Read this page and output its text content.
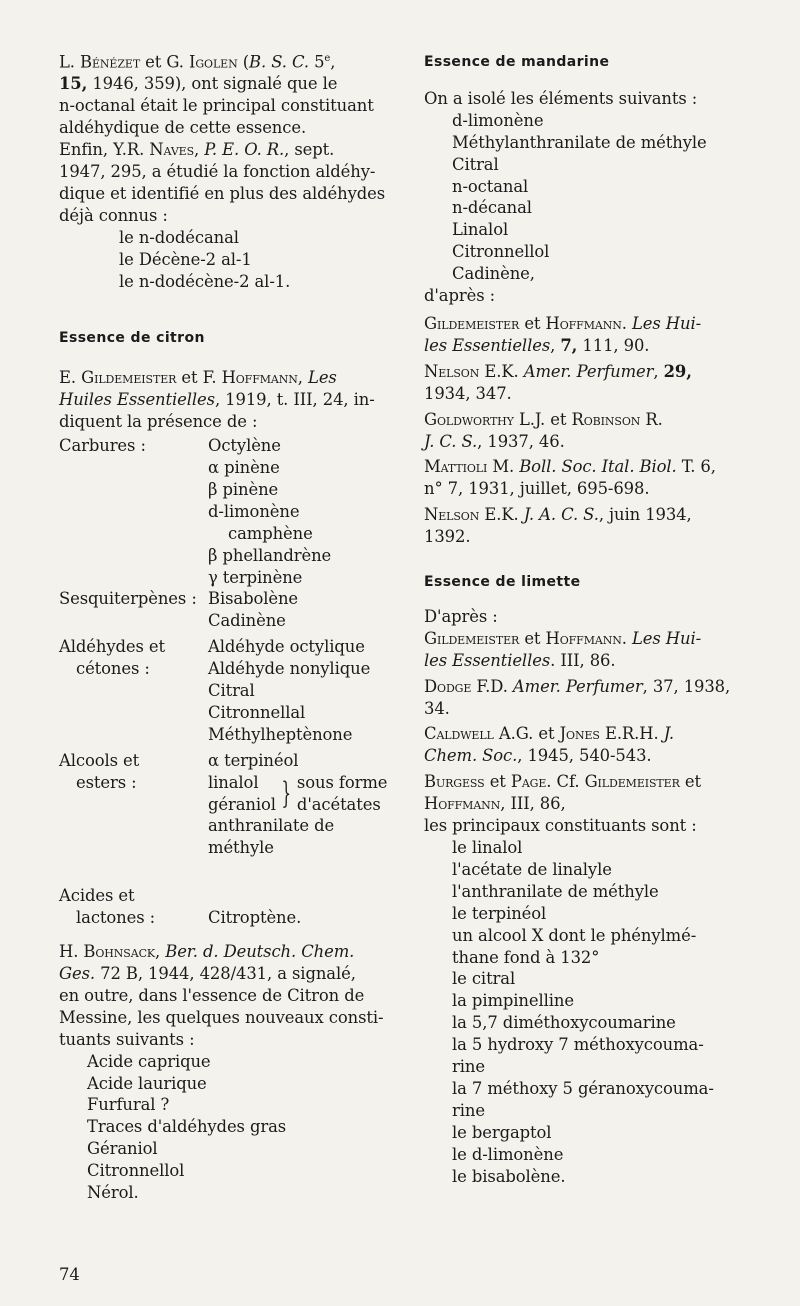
L. Bénézet et G. Igolen (B. S. C. 5e,

15, 1946, 359), ont signalé que le

n-octanal était le principal constituant

aldéhydique de cette essence.

Enfin, Y.R. Naves, P. E. O. R., sept.

1947, 295, a étudié la fonction aldéhy-

dique et identifié en plus des aldéhydes

déjà connus :

le n-dodécanal

le Décène-2 al-1

le n-dodécène-2 al-1.

Essence de citron

E. Gildemeister et F. Hoffmann, Les

Huiles Essentielles, 1919, t. III, 24, in-

diquent la présence de :

Carbures :	Octylène
α pinène
β pinène
d-limonène
camphène
β phellandrène
γ terpinène
Sesquiterpènes : Bisabolène
Cadinène
Aldéhydes et
cétones :
Aldéhyde octylique
Aldéhyde nonylique
Citral
Citronnellal
Méthylheptènone
Alcools et
esters :
α terpinéol
linalol
géraniol } sous forme
d'acétates
anthranilate de méthyle
Acides et
lactones :
	Citroptène.

H. Bohnsack, Ber. d. Deutsch. Chem.

Ges. 72 B, 1944, 428/431, a signalé,

en outre, dans l'essence de Citron de

Messine, les quelques nouveaux consti-

tuants suivants :

Acide caprique

Acide laurique

Furfural ?

Traces d'aldéhydes gras

Géraniol

Citronnellol

Nérol.

Essence de mandarine

On a isolé les éléments suivants :

d-limonène

Méthylanthranilate de méthyle

Citral

n-octanal

n-décanal

Linalol

Citronnellol

Cadinène,

d'après :

Gildemeister et Hoffmann. Les Hui-

les Essentielles, 7, 111, 90.

Nelson E.K. Amer. Perfumer, 29,

1934, 347.

Goldworthy L.J. et Robinson R.

J. C. S., 1937, 46.

Mattioli M. Boll. Soc. Ital. Biol. T. 6,

n° 7, 1931, juillet, 695-698.

Nelson E.K. J. A. C. S., juin 1934,

1392.

Essence de limette

D'après :

Gildemeister et Hoffmann. Les Hui-

les Essentielles. III, 86.

Dodge F.D. Amer. Perfumer, 37, 1938,

34.

Caldwell A.G. et Jones E.R.H. J.

Chem. Soc., 1945, 540-543.

Burgess et Page. Cf. Gildemeister et

Hoffmann, III, 86,

les principaux constituants sont :

le linalol

l'acétate de linalyle

l'anthranilate de méthyle

le terpinéol

un alcool X dont le phénylmé-

thane fond à 132°

le citral

la pimpinelline

la 5,7 diméthoxycoumarine

la 5 hydroxy 7 méthoxycouma-

rine

la 7 méthoxy 5 géranoxycouma-

rine

le bergaptol

le d-limonène

le bisabolène.

74
